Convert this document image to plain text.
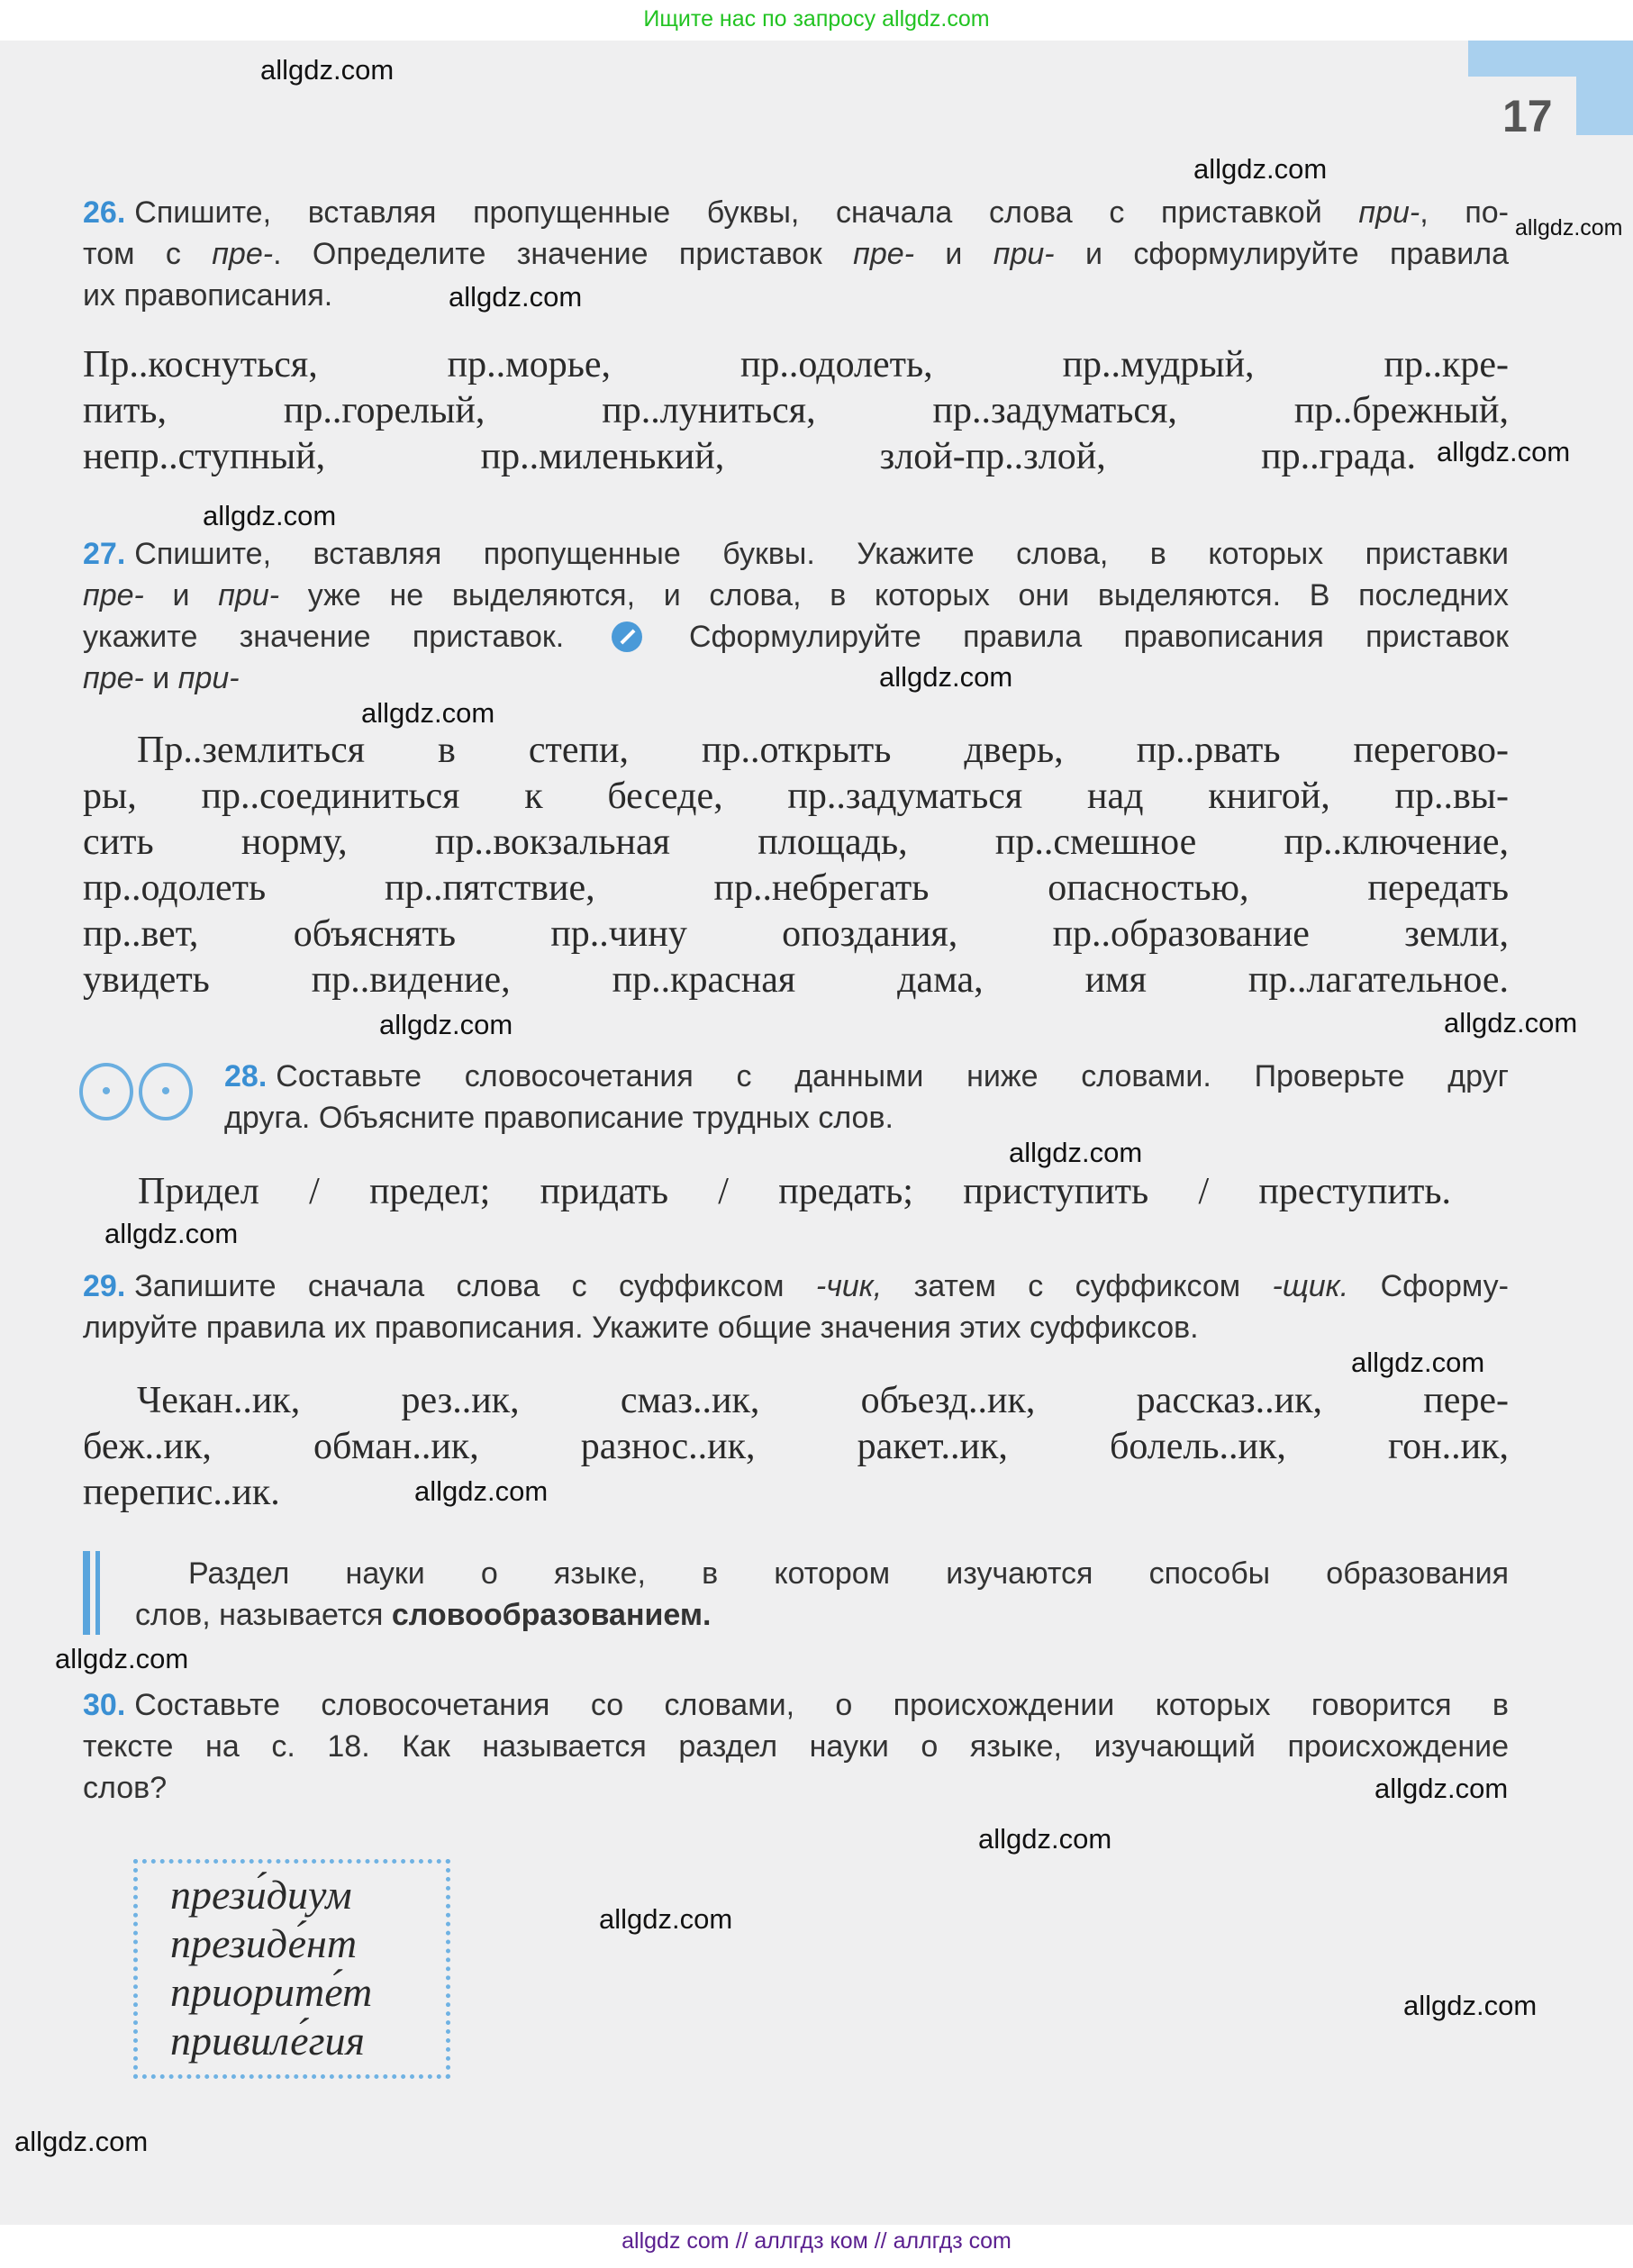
Ищите нас по запросу allgdz.com
17
26. Спишите, вставляя пропущенные буквы, сначала слова с приставкой при-, по-
том с пре-. Определите значение приставок пре- и при- и сформулируйте правила
их правописания.
Пр..коснуться, пр..морье, пр..одолеть, пр..мудрый, пр..кре-
пить, пр..горелый, пр..луниться, пр..задуматься, пр..брежный,
непр..ступный, пр..миленький, злой-пр..злой, пр..града.
27. Спишите, вставляя пропущенные буквы. Укажите слова, в которых приставки
пре- и при- уже не выделяются, и слова, в которых они выделяются. В последних
укажите значение приставок.	Сформулируйте правила правописания приставок
пре- и при-
Пр..землиться в степи, пр..открыть дверь, пр..рвать перегово-
ры, пр..соединиться к беседе, пр..задуматься над книгой, пр..вы-
сить норму, пр..вокзальная площадь, пр..смешное пр..ключение,
пр..одолеть пр..пятствие, пр..небрегать опасностью, передать
пр..вет, объяснять пр..чину опоздания, пр..образование земли,
увидеть пр..видение, пр..красная дама, имя пр..лагательное.
•	•	28. Составьте словосочетания с данными ниже словами. Проверьте друг
друга. Объясните правописание трудных слов.
Придел / предел; придать / предать; приступить / преступить.
29. Запишите сначала слова с суффиксом -чик, затем с суффиксом -щик. Сформу-
лируйте правила их правописания. Укажите общие значения этих суффиксов.
Чекан..ик, рез..ик, смаз..ик, объезд..ик, рассказ..ик, пере-
беж..ик, обман..ик, разнос..ик, ракет..ик, болель..ик, гон..ик,
перепис..ик.
Раздел науки о языке, в котором изучаются способы образования
слов, называется словообразованием.
30. Составьте словосочетания со словами, о происхождении которых говорится в
тексте на с. 18. Как называется раздел науки о языке, изучающий происхождение
слов?
прези́диум
президе́нт
приорите́т
привиле́гия
allgdz.com
allgdz.com
allgdz.com
allgdz.com
allgdz.com
allgdz.com
allgdz.com
allgdz.com
allgdz.com
allgdz.com
allgdz.com
allgdz.com
allgdz.com
allgdz.com
allgdz.com
allgdz.com
allgdz.com
allgdz.com
allgdz.com
allgdz.com
allgdz com // аллгдз ком // аллгдз com
